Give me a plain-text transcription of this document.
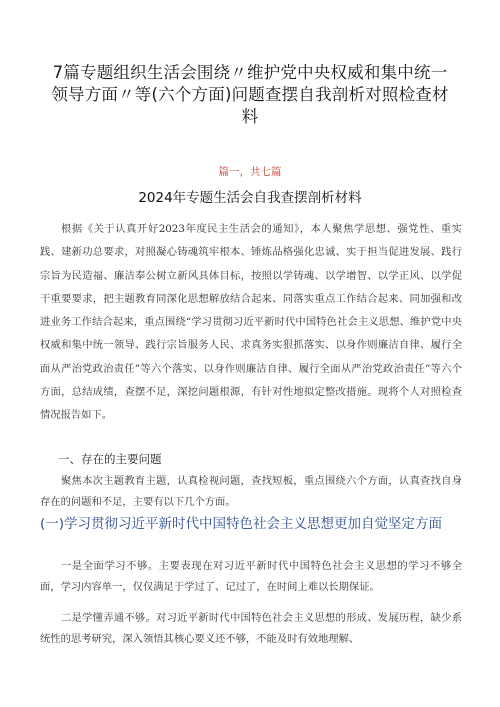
7篇专题组织生活会围绕〃维护党中央权威和集中统一领导方面〃等(六个方面)问题查摆自我剖析对照检查材料
篇一，共七篇
2024年专题生活会自我查摆剖析材料

根据《关于认真开好2023年度民主生活会的通知》，本人聚焦学思想、强党性、重实践、建新功总要求，对照凝心铸魂筑牢根本、锤炼品格强化忠诚、实于担当促进发展、践行宗旨为民造福、廉洁奉公树立新风具体目标，按照以学铸魂、以学增智、以学正风、以学促干重要要求，把主题教育同深化思想解放结合起来、同落实重点工作结合起来、同加强和改进业务工作结合起来，重点围绕“学习贯彻习近平新时代中国特色社会主义思想、维护党中央权威和集中统一领导、践行宗旨服务人民、求真务实狠抓落实、以身作则廉洁自律、履行全面从严治党政治责任”等六个落实、以身作则廉洁自律、履行全面从严治党政治责任”等六个方面，总结成绩，查摆不足，深挖问题根源，有针对性地拟定整改措施。现将个人对照检查情况报告如下。

一、存在的主要问题

聚焦本次主题教育主题，认真检视问题，查找短板，重点围绕六个方面，认真查找自身存在的问题和不足，主要有以下几个方面。

(一)学习贯彻习近平新时代中国特色社会主义思想更加自觉坚定方面

一是全面学习不够。主要表现在对习近平新时代中国特色社会主义思想的学习不够全面，学习内容单一，仅仅满足于学过了、记过了，在时间上难以长期保证。

二是学懂弄通不够。对习近平新时代中国特色社会主义思想的形成、发展历程，缺少系统性的思考研究，深入领悟其核心要义还不够，不能及时有效地理解、
